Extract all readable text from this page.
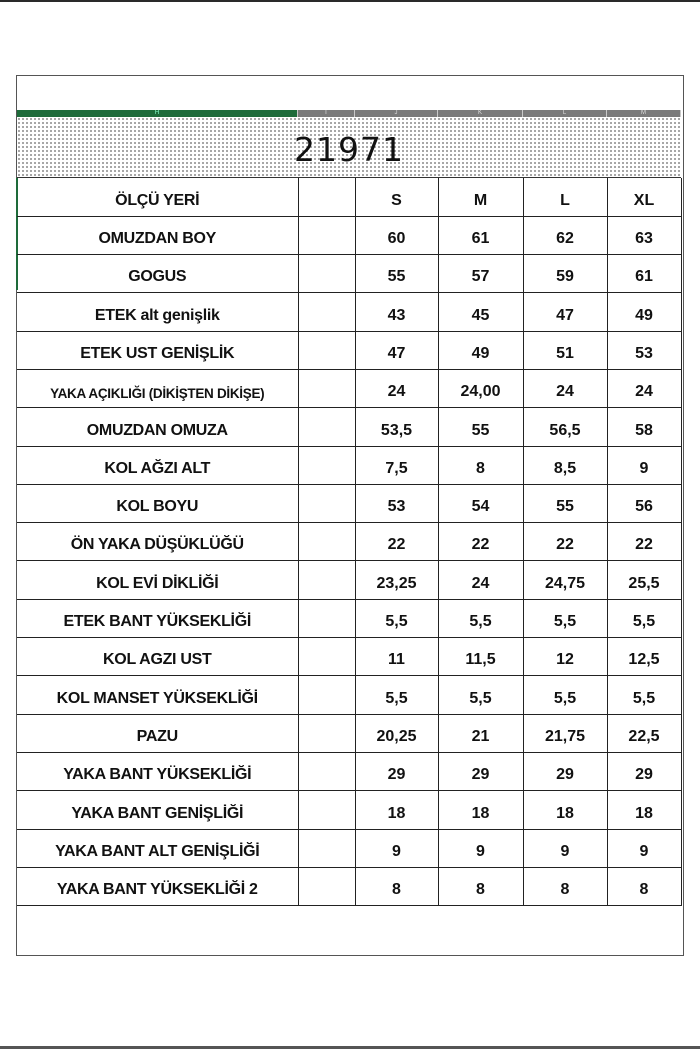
H	I	J	K	L	M
21971
ÖLÇÜ YERİ		S	M	L	XL
OMUZDAN BOY		60	61	62	63
GOGUS		55	57	59	61
ETEK alt genişlik		43	45	47	49
ETEK UST GENİŞLİK		47	49	51	53
YAKA AÇIKLIĞI (DİKİŞTEN DİKİŞE)		24	24,00	24	24
OMUZDAN OMUZA		53,5	55	56,5	58
KOL AĞZI ALT		7,5	8	8,5	9
KOL BOYU		53	54	55	56
ÖN YAKA DÜŞÜKLÜĞÜ		22	22	22	22
KOL EVİ DİKLİĞİ		23,25	24	24,75	25,5
ETEK BANT YÜKSEKLİĞİ		5,5	5,5	5,5	5,5
KOL AGZI UST		11	11,5	12	12,5
KOL MANSET YÜKSEKLİĞİ		5,5	5,5	5,5	5,5
PAZU		20,25	21	21,75	22,5
YAKA BANT YÜKSEKLİĞİ		29	29	29	29
YAKA BANT GENİŞLİĞİ		18	18	18	18
YAKA BANT ALT GENİŞLİĞİ		9	9	9	9
YAKA BANT YÜKSEKLİĞİ 2		8	8	8	8
